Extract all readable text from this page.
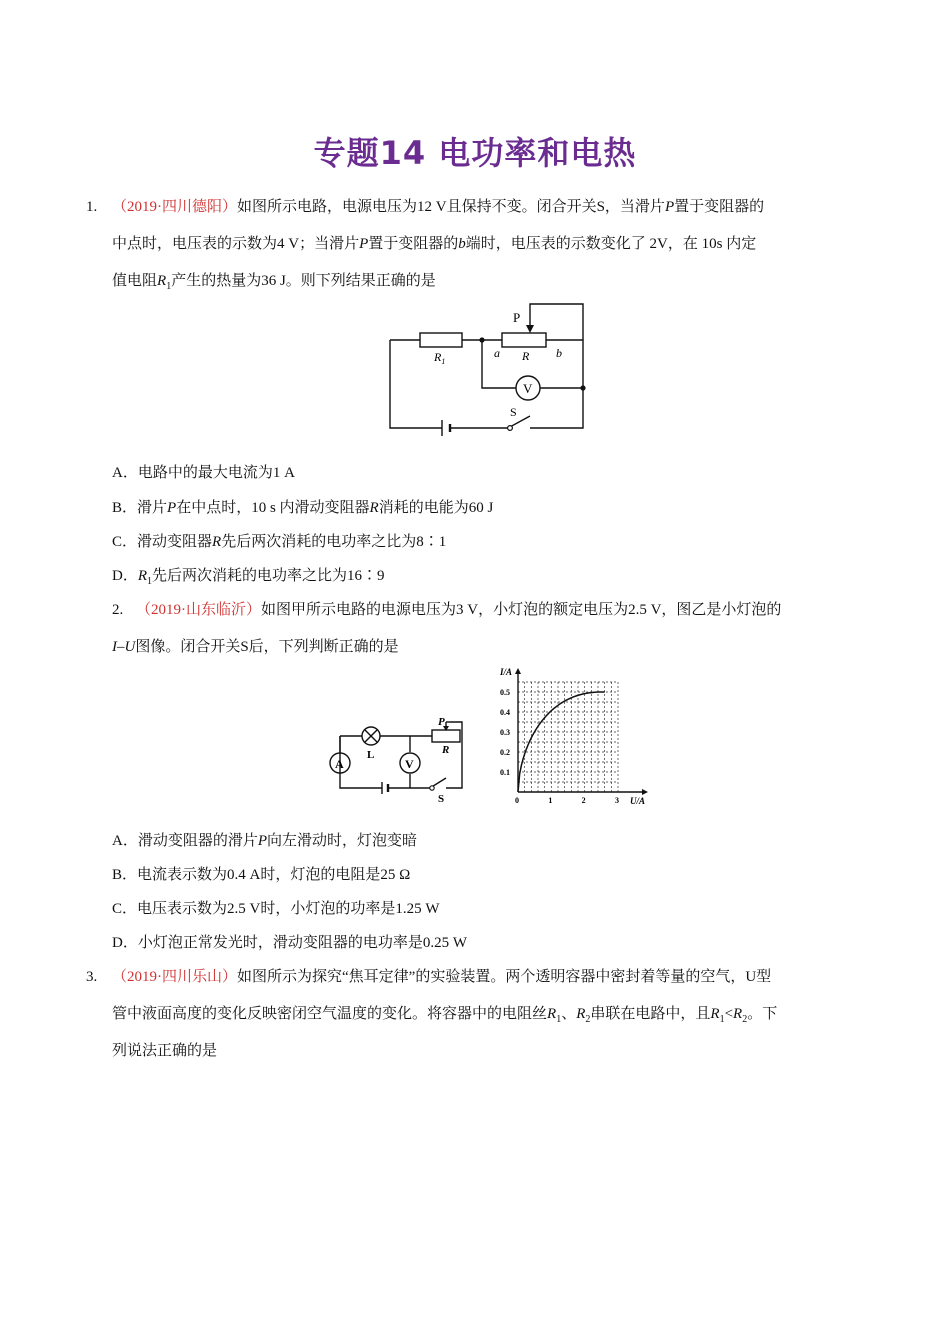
专题14 电功率和电热
1. （2019·四川德阳）如图所示电路，电源电压为12 V且保持不变。闭合开关S，当滑片P置于变阻器的
中点时，电压表的示数为4 V；当滑片P置于变阻器的b端时，电压表的示数变化了 2V，在 10s 内定
值电阻$R_1$产生的热量为36 J。则下列结果正确的是
P
$R_1$
a R b
V
S
A．电路中的最大电流为1 A
B．滑片P在中点时，10 s 内滑动变阻器R消耗的电能为60 J
C．滑动变阻器R先后两次消耗的电功率之比为8∶1
D．$R_1$先后两次消耗的电功率之比为16∶9
2. （2019·山东临沂）如图甲所示电路的电源电压为3 V，小灯泡的额定电压为2.5 V，图乙是小灯泡的
I–U图像。闭合开关S后，下列判断正确的是
A
L
V
P
R
S
I/A
U/A
0.5
0.4
0.3
0.2
0.1
0	1	2	3
A．滑动变阻器的滑片P向左滑动时，灯泡变暗
B．电流表示数为0.4 A时，灯泡的电阻是25 Ω
C．电压表示数为2.5 V时，小灯泡的功率是1.25 W
D．小灯泡正常发光时，滑动变阻器的电功率是0.25 W
3. （2019·四川乐山）如图所示为探究“焦耳定律”的实验装置。两个透明容器中密封着等量的空气，U型
管中液面高度的变化反映密闭空气温度的变化。将容器中的电阻丝$R_1$、$R_2$串联在电路中，且$R_1<R_2$。下
列说法正确的是
